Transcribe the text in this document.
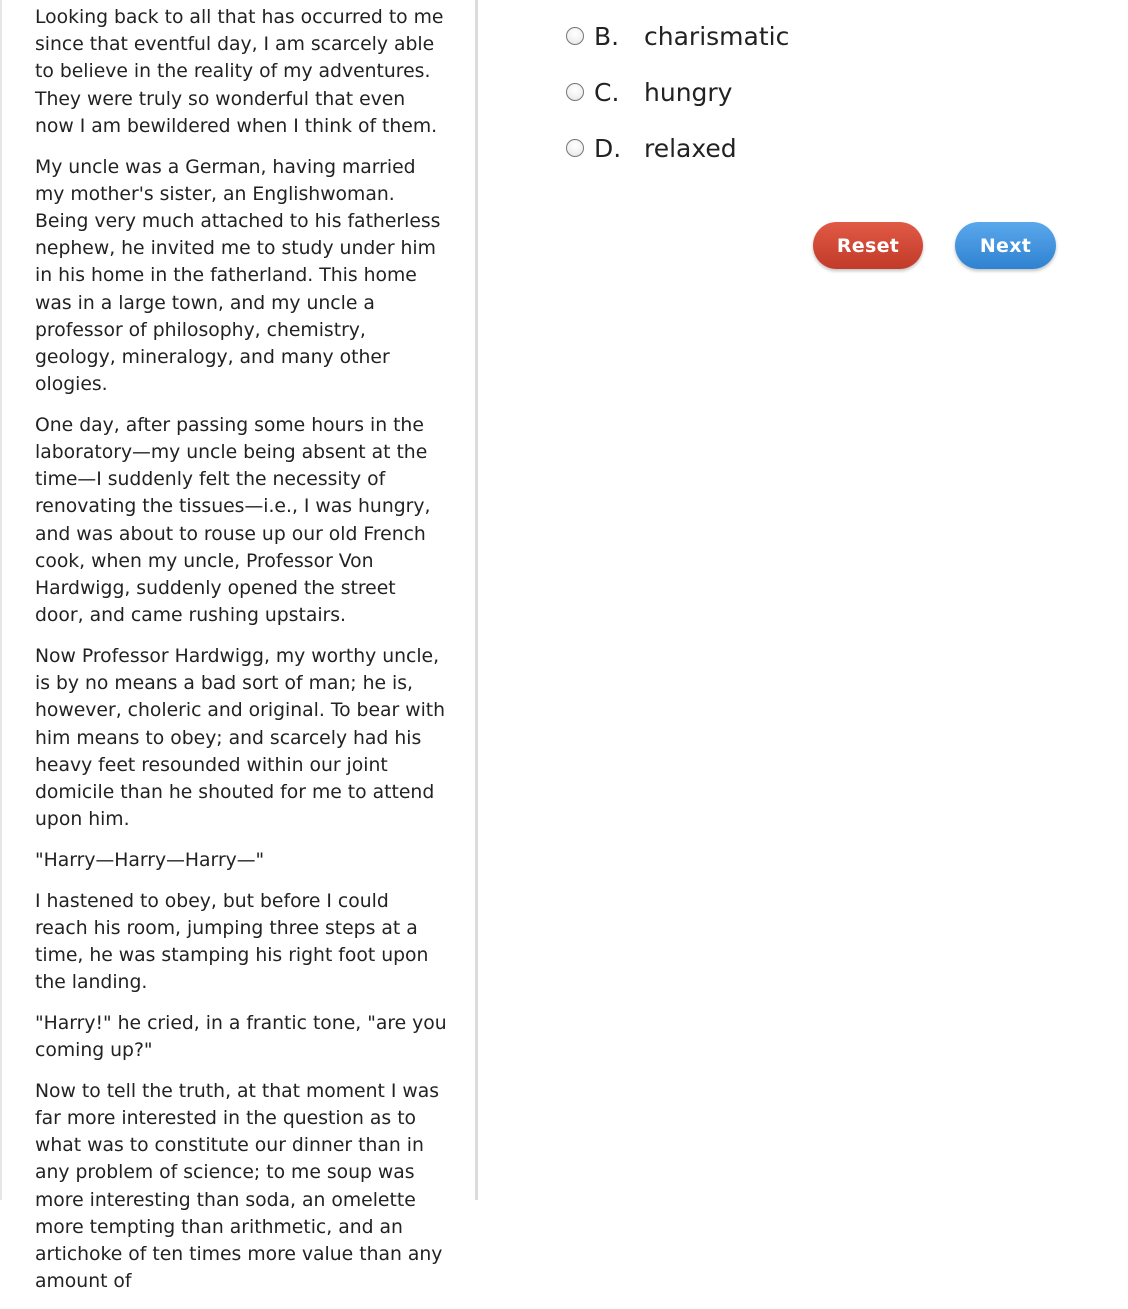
Looking back to all that has occurred to me since that eventful day, I am scarcely able to believe in the reality of my adventures. They were truly so wonderful that even now I am bewildered when I think of them.

My uncle was a German, having married my mother's sister, an Englishwoman. Being very much attached to his fatherless nephew, he invited me to study under him in his home in the fatherland. This home was in a large town, and my uncle a professor of philosophy, chemistry, geology, mineralogy, and many other ologies.

One day, after passing some hours in the laboratory—my uncle being absent at the time—I suddenly felt the necessity of renovating the tissues—i.e., I was hungry, and was about to rouse up our old French cook, when my uncle, Professor Von Hardwigg, suddenly opened the street door, and came rushing upstairs.

Now Professor Hardwigg, my worthy uncle, is by no means a bad sort of man; he is, however, choleric and original. To bear with him means to obey; and scarcely had his heavy feet resounded within our joint domicile than he shouted for me to attend upon him.

"Harry—Harry—Harry—"

I hastened to obey, but before I could reach his room, jumping three steps at a time, he was stamping his right foot upon the landing.

"Harry!" he cried, in a frantic tone, "are you coming up?"

Now to tell the truth, at that moment I was far more interested in the question as to what was to constitute our dinner than in any problem of science; to me soup was more interesting than soda, an omelette more tempting than arithmetic, and an artichoke of ten times more value than any amount of

B. charismatic
C. hungry
D. relaxed
Reset	Next
